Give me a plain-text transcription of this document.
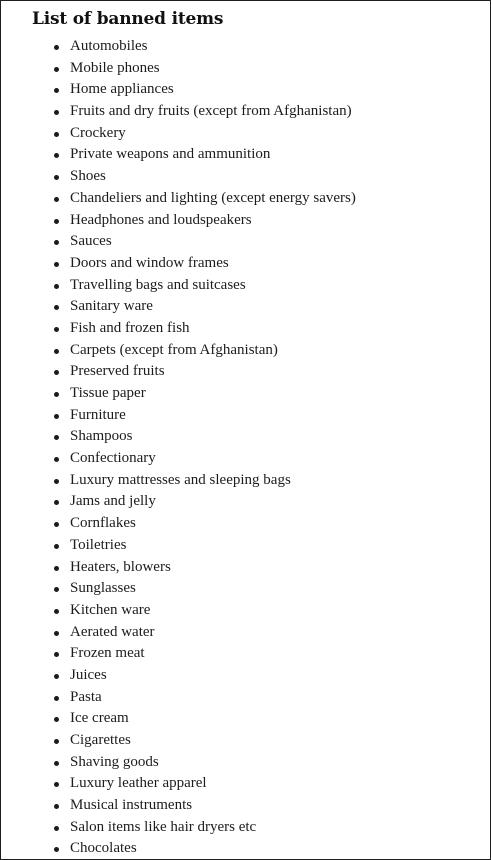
List of banned items
Automobiles
Mobile phones
Home appliances
Fruits and dry fruits (except from Afghanistan)
Crockery
Private weapons and ammunition
Shoes
Chandeliers and lighting (except energy savers)
Headphones and loudspeakers
Sauces
Doors and window frames
Travelling bags and suitcases
Sanitary ware
Fish and frozen fish
Carpets (except from Afghanistan)
Preserved fruits
Tissue paper
Furniture
Shampoos
Confectionary
Luxury mattresses and sleeping bags
Jams and jelly
Cornflakes
Toiletries
Heaters, blowers
Sunglasses
Kitchen ware
Aerated water
Frozen meat
Juices
Pasta
Ice cream
Cigarettes
Shaving goods
Luxury leather apparel
Musical instruments
Salon items like hair dryers etc
Chocolates
